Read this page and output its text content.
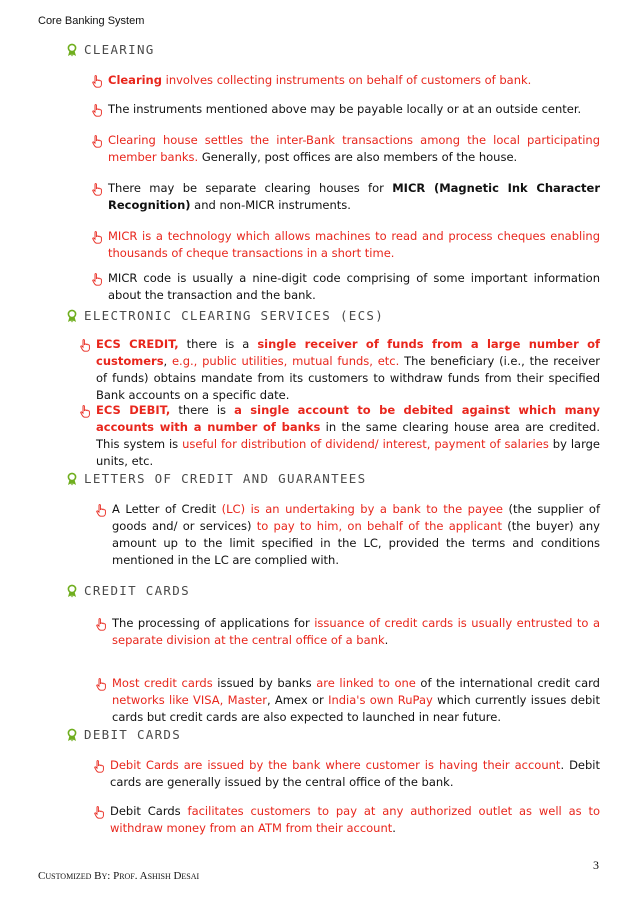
Core Banking System
CLEARING
Clearing involves collecting instruments on behalf of customers of bank.
The instruments mentioned above may be payable locally or at an outside center.
Clearing house settles the inter-Bank transactions among the local participating member banks. Generally, post offices are also members of the house.
There may be separate clearing houses for MICR (Magnetic Ink Character Recognition) and non-MICR instruments.
MICR is a technology which allows machines to read and process cheques enabling thousands of cheque transactions in a short time.
MICR code is usually a nine-digit code comprising of some important information about the transaction and the bank.
ELECTRONIC CLEARING SERVICES (ECS)
ECS CREDIT, there is a single receiver of funds from a large number of customers, e.g., public utilities, mutual funds, etc. The beneficiary (i.e., the receiver of funds) obtains mandate from its customers to withdraw funds from their specified Bank accounts on a specific date.
ECS DEBIT, there is a single account to be debited against which many accounts with a number of banks in the same clearing house area are credited. This system is useful for distribution of dividend/ interest, payment of salaries by large units, etc.
LETTERS OF CREDIT AND GUARANTEES
A Letter of Credit (LC) is an undertaking by a bank to the payee (the supplier of goods and/ or services) to pay to him, on behalf of the applicant (the buyer) any amount up to the limit specified in the LC, provided the terms and conditions mentioned in the LC are complied with.
CREDIT CARDS
The processing of applications for issuance of credit cards is usually entrusted to a separate division at the central office of a bank.
Most credit cards issued by banks are linked to one of the international credit card networks like VISA, Master, Amex or India's own RuPay which currently issues debit cards but credit cards are also expected to launched in near future.
DEBIT CARDS
Debit Cards are issued by the bank where customer is having their account. Debit cards are generally issued by the central office of the bank.
Debit Cards facilitates customers to pay at any authorized outlet as well as to withdraw money from an ATM from their account.
Customized By: Prof. Ashish Desai
3
